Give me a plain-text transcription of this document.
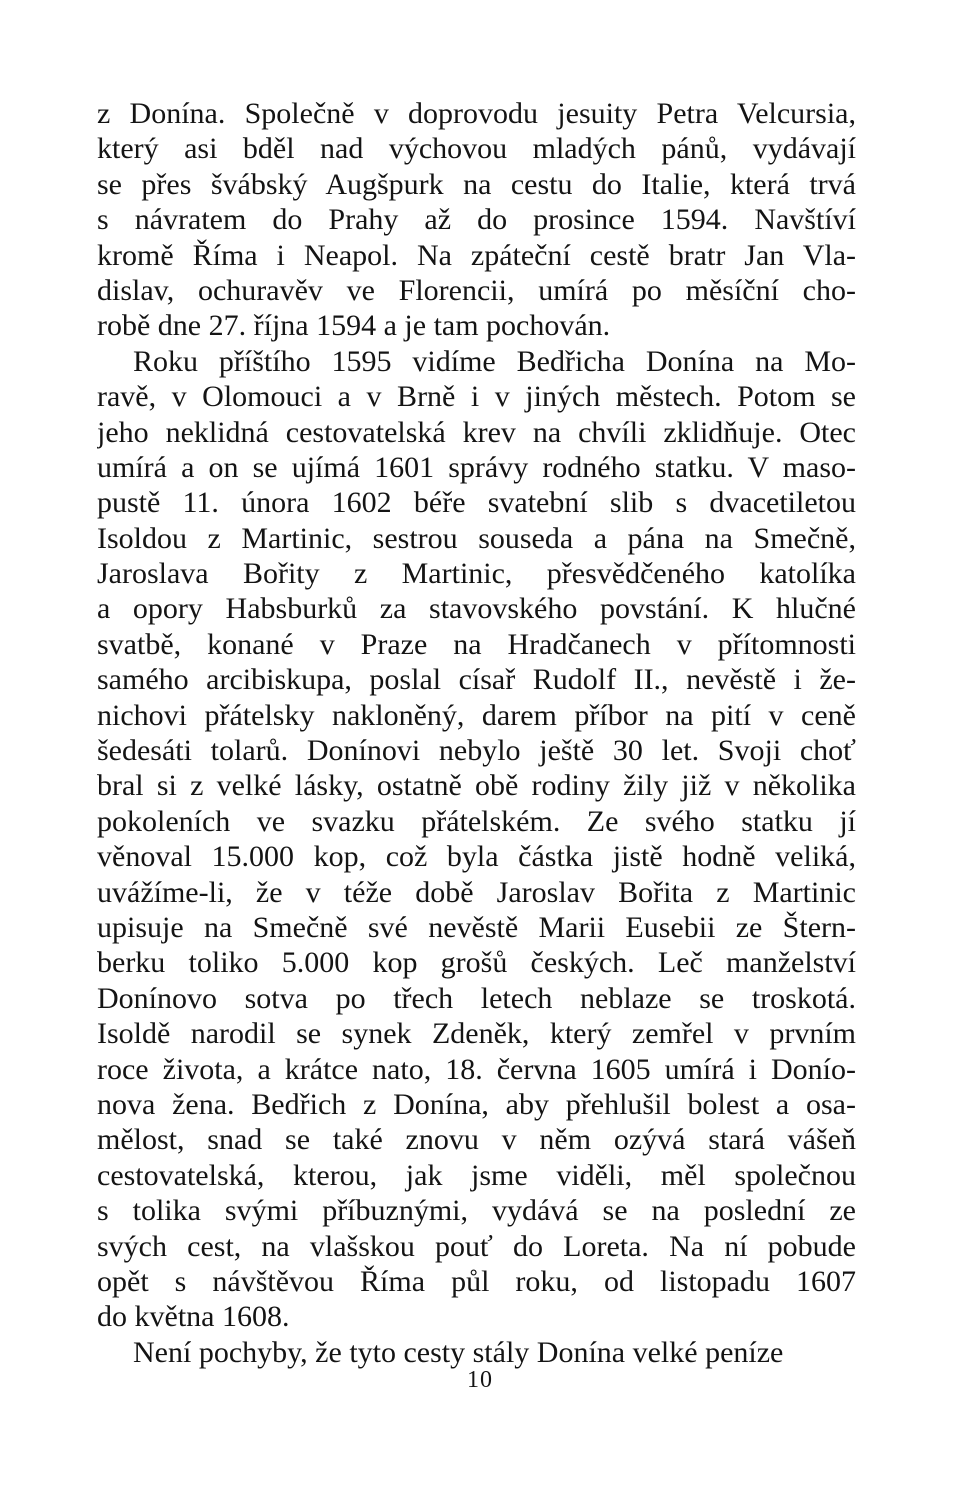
z Donína. Společně v doprovodu jesuity Petra Velcursia,
který asi bděl nad výchovou mladých pánů, vydávají
se přes švábský Augšpurk na cestu do Italie, která trvá
s návratem do Prahy až do prosince 1594. Navštíví
kromě Říma i Neapol. Na zpáteční cestě bratr Jan Vla-
dislav, ochuravěv ve Florencii, umírá po měsíční cho-
robě dne 27. října 1594 a je tam pochován.
Roku příštího 1595 vidíme Bedřicha Donína na Mo-
ravě, v Olomouci a v Brně i v jiných městech. Potom se
jeho neklidná cestovatelská krev na chvíli zklidňuje. Otec
umírá a on se ujímá 1601 správy rodného statku. V maso-
pustě 11. února 1602 béře svatební slib s dvacetiletou
Isoldou z Martinic, sestrou souseda a pána na Smečně,
Jaroslava Bořity z Martinic, přesvědčeného katolíka
a opory Habsburků za stavovského povstání. K hlučné
svatbě, konané v Praze na Hradčanech v přítomnosti
samého arcibiskupa, poslal císař Rudolf II., nevěstě i že-
nichovi přátelsky nakloněný, darem příbor na pití v ceně
šedesáti tolarů. Donínovi nebylo ještě 30 let. Svoji choť
bral si z velké lásky, ostatně obě rodiny žily již v několika
pokoleních ve svazku přátelském. Ze svého statku jí
věnoval 15.000 kop, což byla částka jistě hodně veliká,
uvážíme-li, že v téže době Jaroslav Bořita z Martinic
upisuje na Smečně své nevěstě Marii Eusebii ze Štern-
berku toliko 5.000 kop grošů českých. Leč manželství
Donínovo sotva po třech letech neblaze se troskotá.
Isoldě narodil se synek Zdeněk, který zemřel v prvním
roce života, a krátce nato, 18. června 1605 umírá i Donío-
nova žena. Bedřich z Donína, aby přehlušil bolest a osa-
mělost, snad se také znovu v něm ozývá stará vášeň
cestovatelská, kterou, jak jsme viděli, měl společnou
s tolika svými příbuznými, vydává se na poslední ze
svých cest, na vlašskou pouť do Loreta. Na ní pobude
opět s návštěvou Říma půl roku, od listopadu 1607
do května 1608.
Není pochyby, že tyto cesty stály Donína velké peníze
10
